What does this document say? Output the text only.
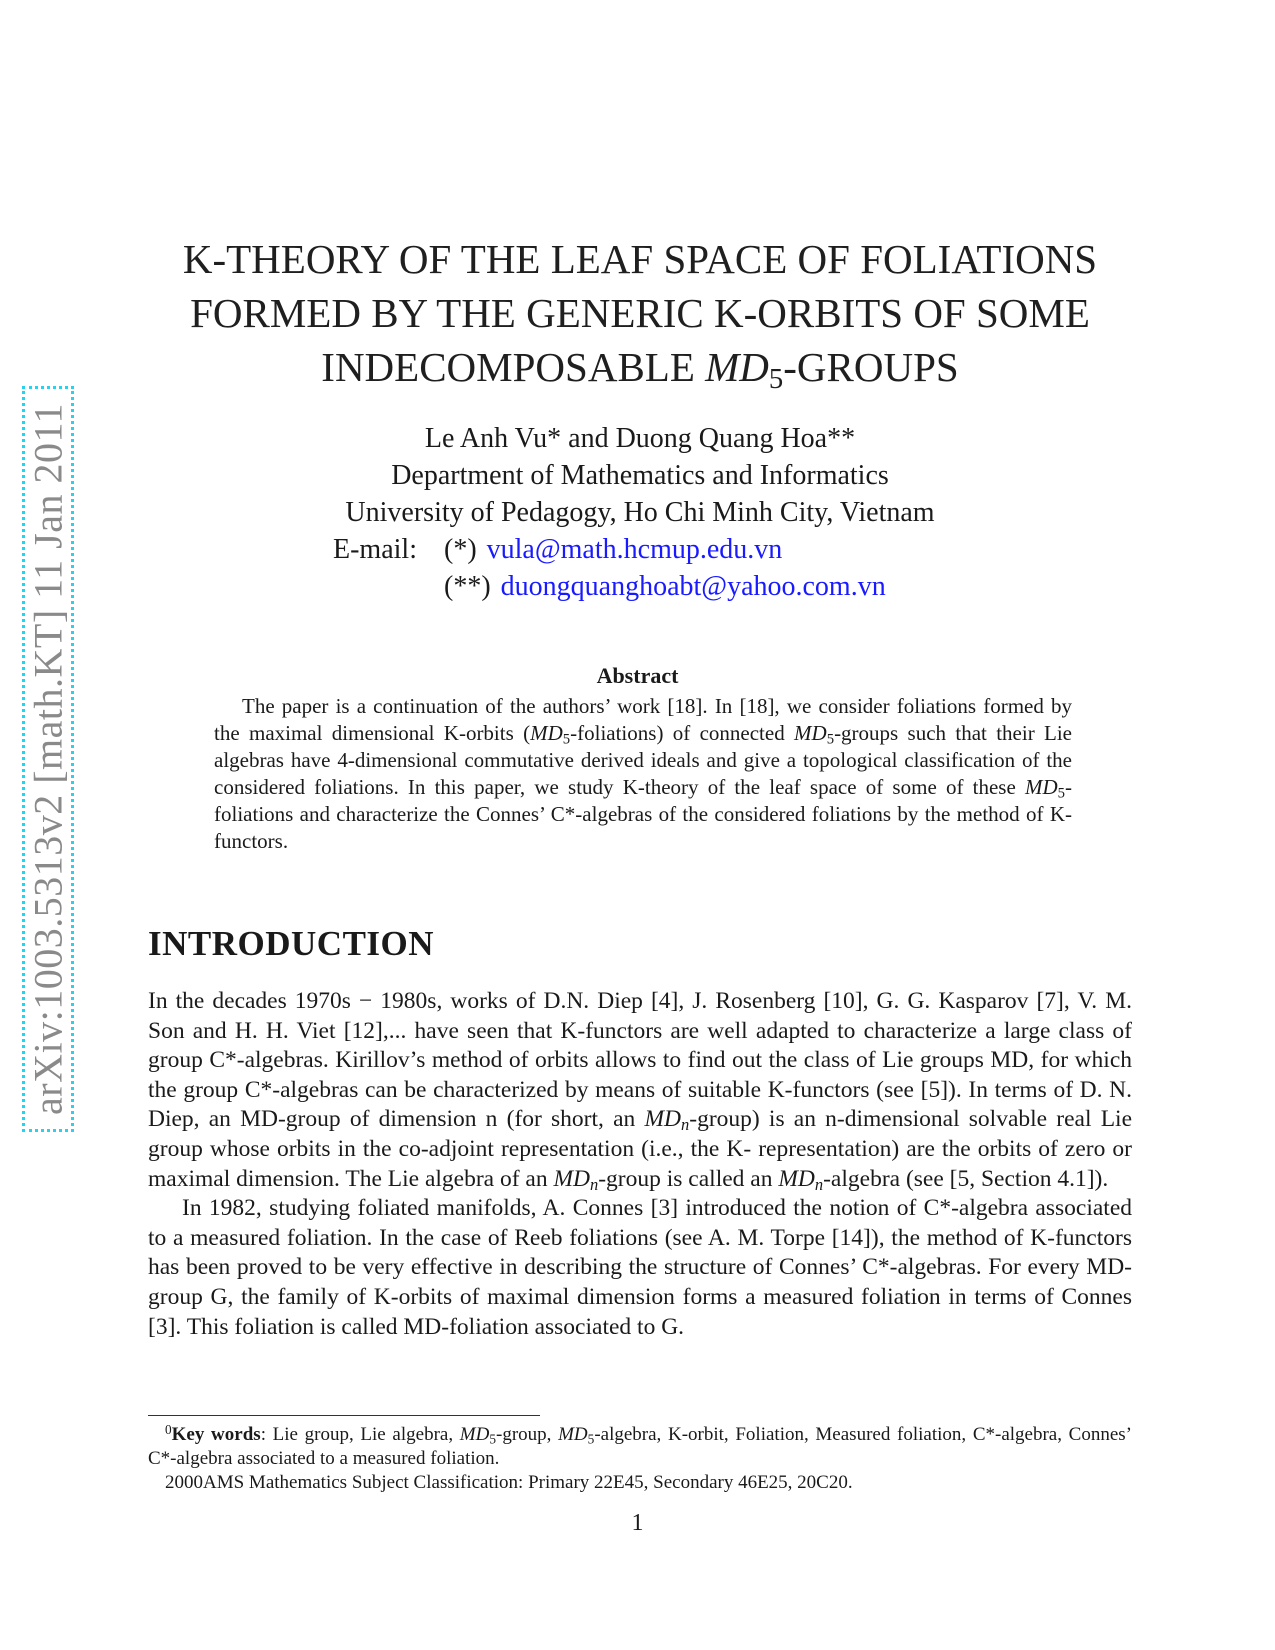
arXiv:1003.5313v2 [math.KT] 11 Jan 2011
K-THEORY OF THE LEAF SPACE OF FOLIATIONS
FORMED BY THE GENERIC K-ORBITS OF SOME
INDECOMPOSABLE $MD_5$-GROUPS
Le Anh Vu* and Duong Quang Hoa**
Department of Mathematics and Informatics
University of Pedagogy, Ho Chi Minh City, Vietnam
E-mail: (*) vula@math.hcmup.edu.vn
(**) duongquanghoabt@yahoo.com.vn
Abstract
The paper is a continuation of the authors’ work [18]. In [18], we consider foliations formed by the maximal dimensional K-orbits $(MD_5-foliations)$ of connected $MD_5$-groups such that their Lie algebras have 4-dimensional commutative derived ideals and give a topological classification of the considered foliations. In this paper, we study K-theory of the leaf space of some of these $MD_5$-foliations and characterize the Connes’ C*-algebras of the considered foliations by the method of K-functors.
INTRODUCTION

In the decades 1970s − 1980s, works of D.N. Diep [4], J. Rosenberg [10], G. G. Kasparov [7], V. M. Son and H. H. Viet [12],... have seen that K-functors are well adapted to characterize a large class of group C*-algebras. Kirillov’s method of orbits allows to find out the class of Lie groups MD, for which the group C*-algebras can be characterized by means of suitable K-functors (see [5]). In terms of D. N. Diep, an MD-group of dimension n (for short, an $MD_n-group$) is an n-dimensional solvable real Lie group whose orbits in the co-adjoint representation (i.e., the K- representation) are the orbits of zero or maximal dimension. The Lie algebra of an $MD_n$-group is called an $MD_n$-algebra (see [5, Section 4.1]).

In 1982, studying foliated manifolds, A. Connes [3] introduced the notion of C*-algebra associated to a measured foliation. In the case of Reeb foliations (see A. M. Torpe [14]), the method of K-functors has been proved to be very effective in describing the structure of Connes’ C*-algebras. For every MD-group G, the family of K-orbits of maximal dimension forms a measured foliation in terms of Connes [3]. This foliation is called MD-foliation associated to G.

$^0$Key words: Lie group, Lie algebra, $MD_5$-group, $MD_5$-algebra, K-orbit, Foliation, Measured foliation, C*-algebra, Connes’ C*-algebra associated to a measured foliation.

2000AMS Mathematics Subject Classification: Primary 22E45, Secondary 46E25, 20C20.

1
